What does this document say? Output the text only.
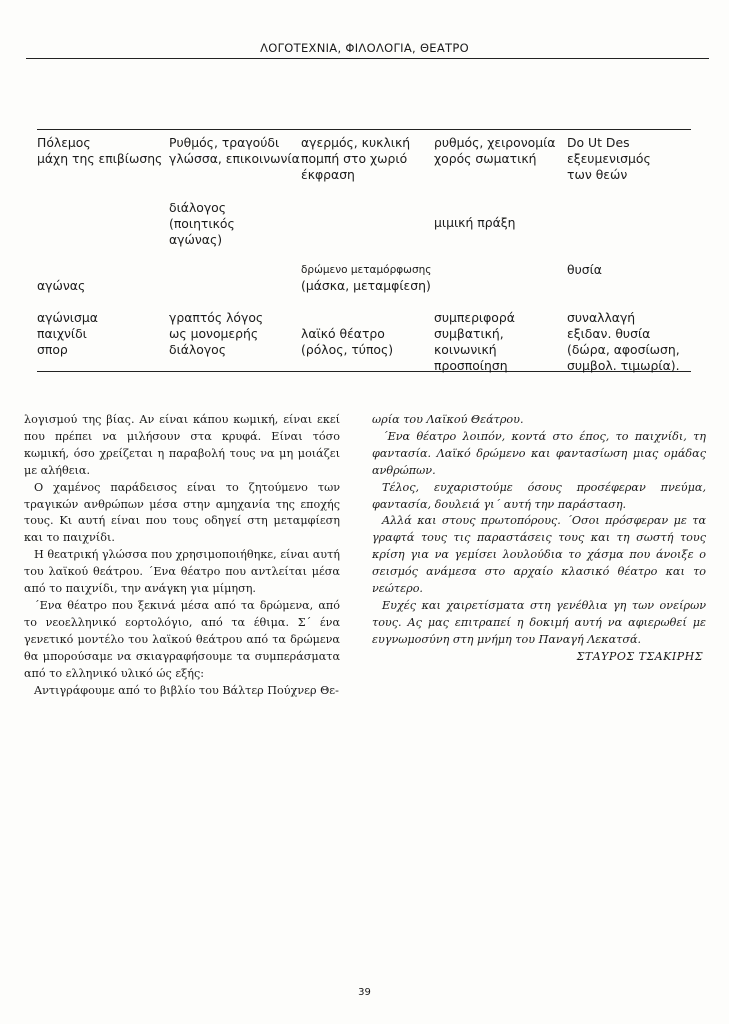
ΛΟΓΟΤΕΧΝΙΑ, ΦΙΛΟΛΟΓΙΑ, ΘΕΑΤΡΟ
Πόλεμος
μάχη της επιβίωσης
Ρυθμός, τραγούδι
γλώσσα, επικοινωνία
αγερμός, κυκλική
πομπή στο χωριό
έκφραση
ρυθμός, χειρονομία
χορός σωματική
Do Ut Des
εξευμενισμός
των θεών
διάλογος
(ποιητικός
αγώνας)
μιμική πράξη
δρώμενο μεταμόρφωσης
(μάσκα, μεταμφίεση)
αγώνας
θυσία
αγώνισμα
παιχνίδι
σπορ
γραπτός λόγος
ως μονομερής
διάλογος
λαϊκό θέατρο
(ρόλος, τύπος)
συμπεριφορά
συμβατική,
κοινωνική
προσποίηση
συναλλαγή
εξιδαν. θυσία
(δώρα, αφοσίωση,
συμβολ. τιμωρία).

λογισμού της βίας. Αν είναι κάπου κωμική, είναι εκεί που πρέπει να μιλήσουν στα κρυφά. Είναι τόσο κωμική, όσο χρείζεται η παραβολή τους να μη μοιάζει με αλήθεια.

Ο χαμένος παράδεισος είναι το ζητούμενο των τραγικών ανθρώπων μέσα στην αμηχανία της εποχής τους. Κι αυτή είναι που τους οδηγεί στη μεταμφίεση και το παιχνίδι.

Η θεατρική γλώσσα που χρησιμοποιήθηκε, είναι αυτή του λαϊκού θεάτρου. ΄Ενα θέατρο που αντλείται μέσα από το παιχνίδι, την ανάγκη για μίμηση.

΄Ενα θέατρο που ξεκινά μέσα από τα δρώμενα, από το νεοελληνικό εορτολόγιο, από τα έθιμα. Σ΄ ένα γενετικό μοντέλο του λαϊκού θεάτρου από τα δρώμενα θα μπορούσαμε να σκιαγραφήσουμε τα συμπεράσματα από το ελληνικό υλικό ώς εξής:

Αντιγράφουμε από το βιβλίο του Βάλτερ Πούχνερ Θε-

ωρία του Λαϊκού Θεάτρου.

΄Ενα θέατρο λοιπόν, κοντά στο έπος, το παιχνίδι, τη φαντασία. Λαϊκό δρώμενο και φαντασίωση μιας ομάδας ανθρώπων.

Τέλος, ευχαριστούμε όσους προσέφεραν πνεύμα, φαντασία, δουλειά γι΄ αυτή την παράσταση.

Αλλά και στους πρωτοπόρους. ΄Οσοι πρόσφεραν με τα γραφτά τους τις παραστάσεις τους και τη σωστή τους κρίση για να γεμίσει λουλούδια το χάσμα που άνοιξε ο σεισμός ανάμεσα στο αρχαίο κλασικό θέατρο και το νεώτερο.

Ευχές και χαιρετίσματα στη γενέθλια γη των ονείρων τους. Ας μας επιτραπεί η δοκιμή αυτή να αφιερωθεί με ευγνωμοσύνη στη μνήμη του Παναγή Λεκατσά.

ΣΤΑΥΡΟΣ ΤΣΑΚΙΡΗΣ
39
